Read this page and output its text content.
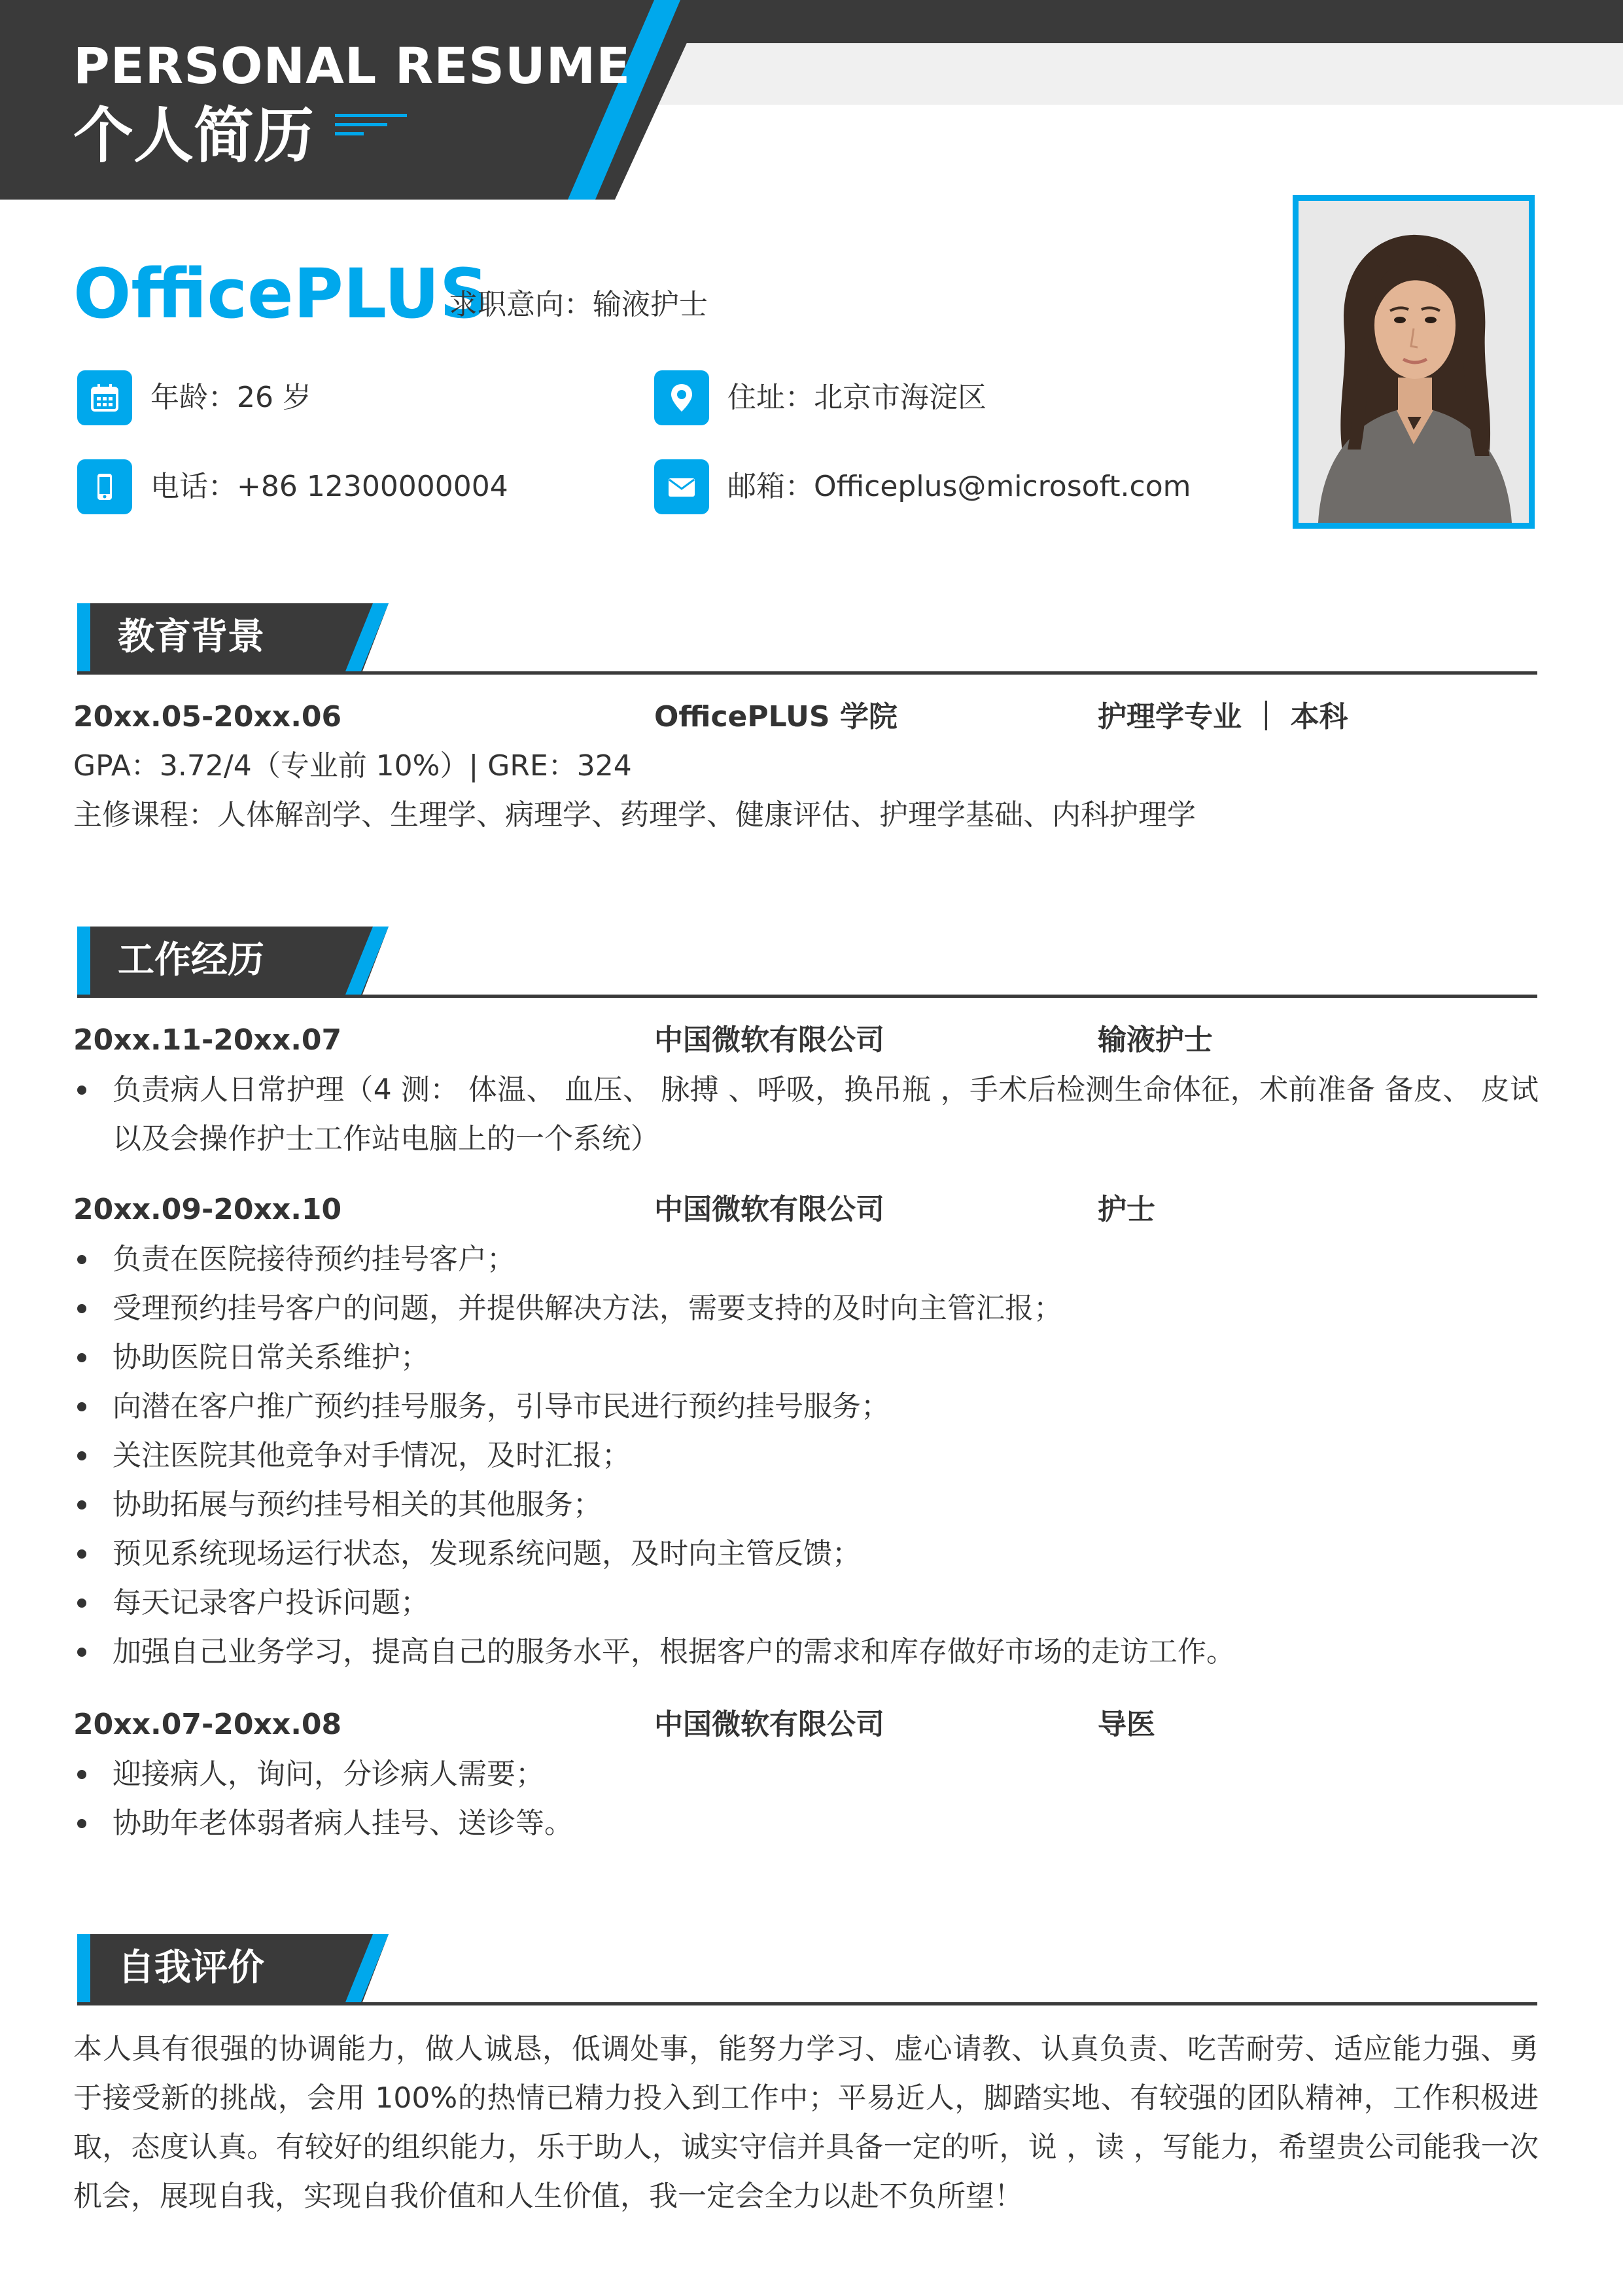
PERSONAL RESUME
个人简历
OfficePLUS
求职意向：输液护士
年龄：26 岁	住址：北京市海淀区
电话：+86 12300000004	邮箱：Officeplus@microsoft.com
教育背景
20xx.05-20xx.06	OfficePLUS 学院	护理学专业 ｜ 本科
GPA：3.72/4（专业前 10%）| GRE：324
主修课程：人体解剖学、生理学、病理学、药理学、健康评估、护理学基础、内科护理学
工作经历
20xx.11-20xx.07	中国微软有限公司	输液护士
负责病人日常护理（4 测： 体温、 血压、 脉搏 、呼吸，换吊瓶 ，手术后检测生命体征，术前准备 备皮、 皮试以及会操作护士工作站电脑上的一个系统）
20xx.09-20xx.10	中国微软有限公司	护士
负责在医院接待预约挂号客户；
受理预约挂号客户的问题，并提供解决方法，需要支持的及时向主管汇报；
协助医院日常关系维护；
向潜在客户推广预约挂号服务，引导市民进行预约挂号服务；
关注医院其他竞争对手情况，及时汇报；
协助拓展与预约挂号相关的其他服务；
预见系统现场运行状态，发现系统问题，及时向主管反馈；
每天记录客户投诉问题；
加强自己业务学习，提高自己的服务水平，根据客户的需求和库存做好市场的走访工作。
20xx.07-20xx.08	中国微软有限公司	导医
迎接病人，询问，分诊病人需要；
协助年老体弱者病人挂号、送诊等。
自我评价
本人具有很强的协调能力，做人诚恳，低调处事，能努力学习、虚心请教、认真负责、吃苦耐劳、适应能力强、勇于接受新的挑战，会用 100%的热情已精力投入到工作中；平易近人，脚踏实地、有较强的团队精神，工作积极进取，态度认真。有较好的组织能力，乐于助人，诚实守信并具备一定的听，说 ，读 ，写能力，希望贵公司能我一次机会，展现自我，实现自我价值和人生价值，我一定会全力以赴不负所望！
